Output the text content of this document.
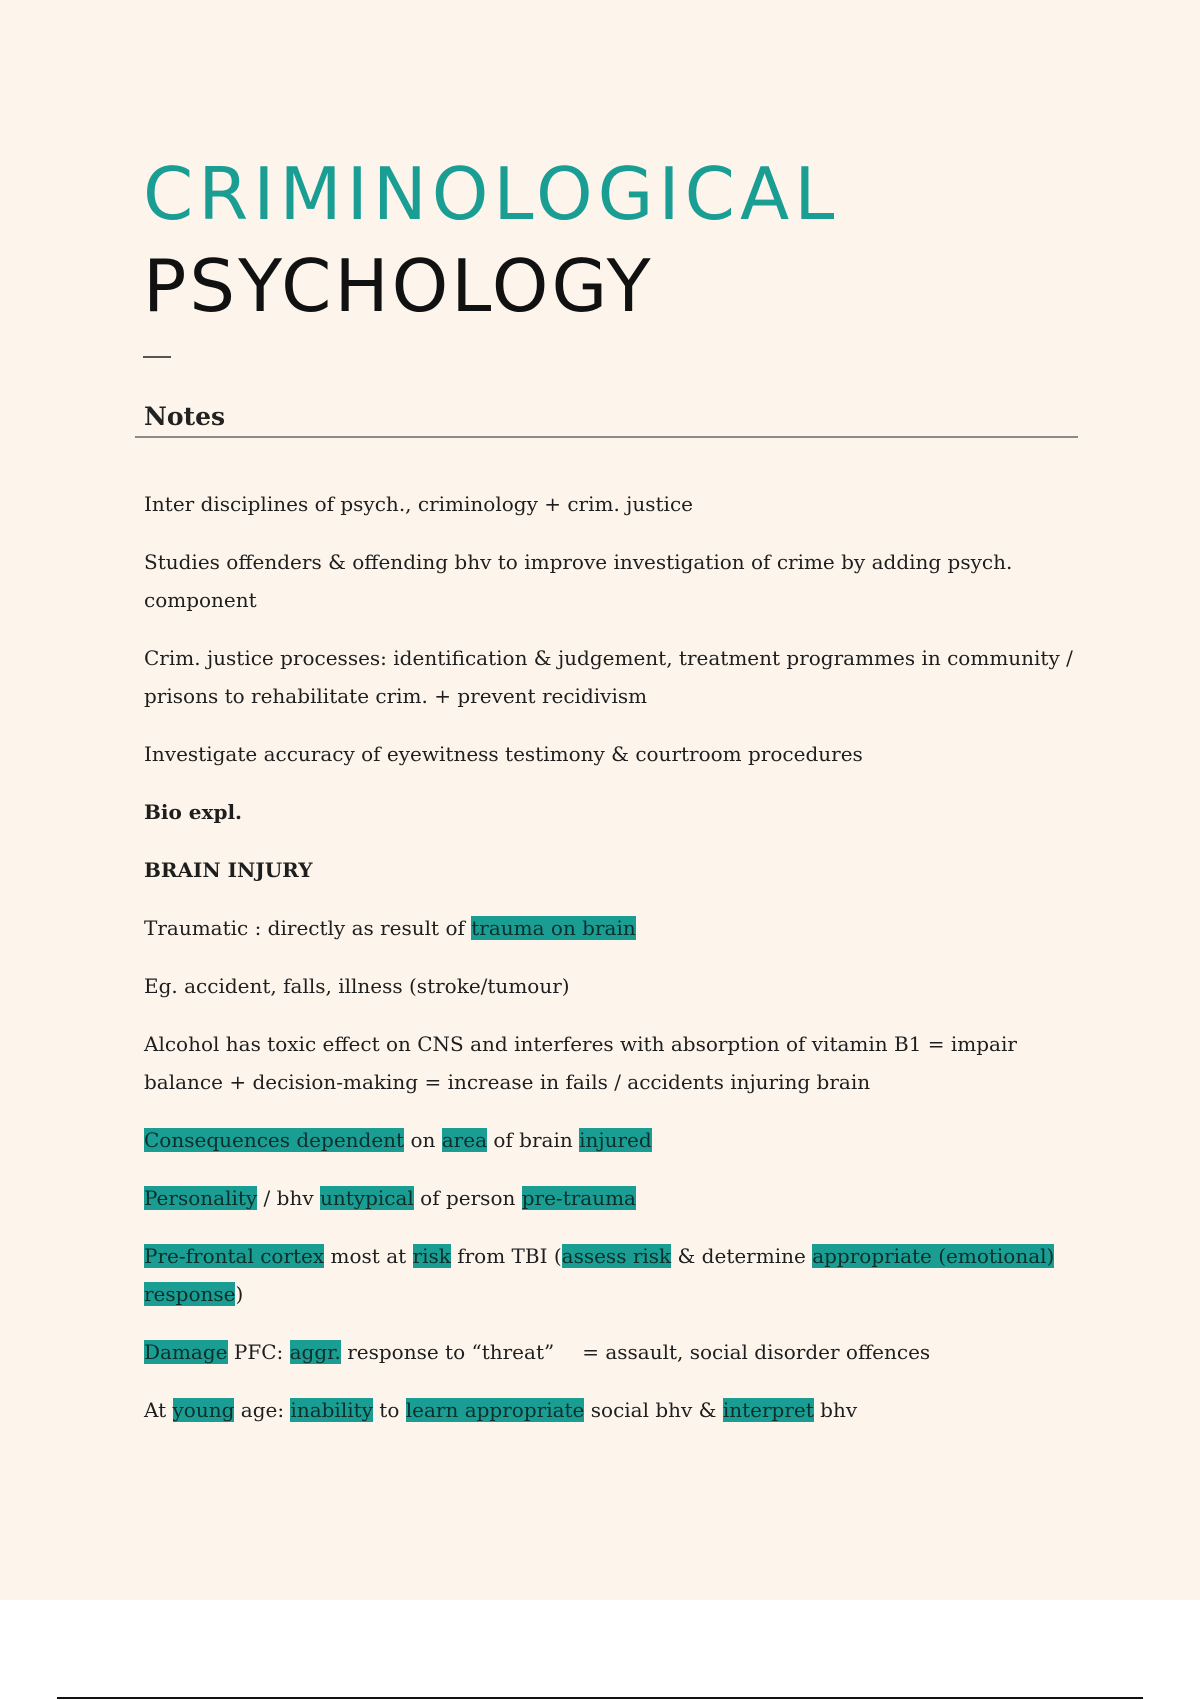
CRIMINOLOGICAL
PSYCHOLOGY
Notes

Inter disciplines of psych., criminology + crim. justice

Studies offenders & offending bhv to improve investigation of crime by adding psych. component

Crim. justice processes: identification & judgement, treatment programmes in community / prisons to rehabilitate crim. + prevent recidivism

Investigate accuracy of eyewitness testimony & courtroom procedures

Bio expl.

BRAIN INJURY

Traumatic : directly as result of trauma on brain

Eg. accident, falls, illness (stroke/tumour)

Alcohol has toxic effect on CNS and interferes with absorption of vitamin B1 = impair balance + decision-making = increase in fails / accidents injuring brain

Consequences dependent on area of brain injured

Personality / bhv untypical of person pre-trauma

Pre-frontal cortex most at risk from TBI (assess risk & determine appropriate (emotional) response)

Damage PFC: aggr. response to “threat” = assault, social disorder offences

At young age: inability to learn appropriate social bhv & interpret bhv
